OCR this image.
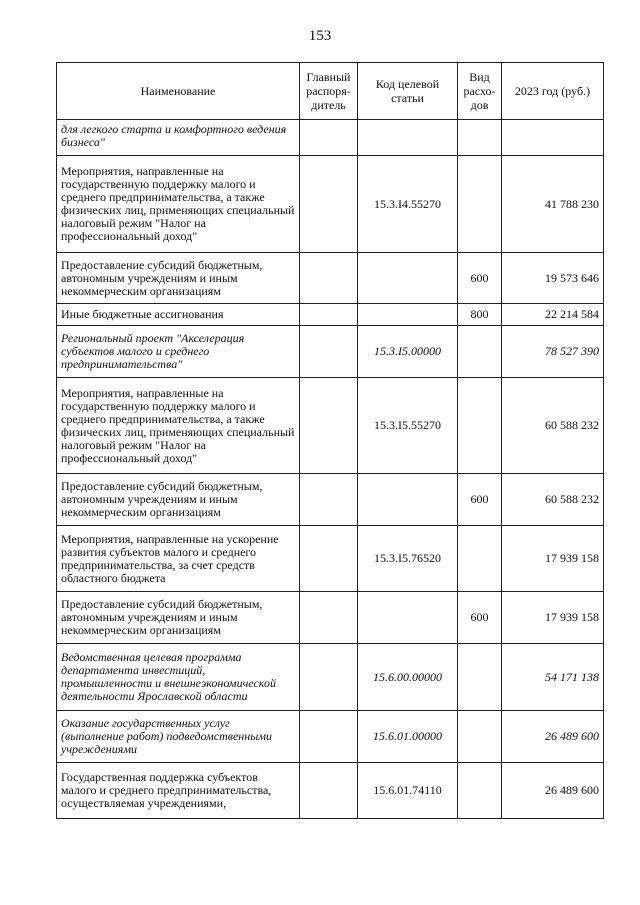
153
Наименование	Главный распоря-дитель	Код целевой статьи	Вид расхо-дов	2023 год (руб.)
для легкого старта и комфортного ведения бизнеса"				
Мероприятия, направленные на государственную поддержку малого и среднего предпринимательства, а также физических лиц, применяющих специальный налоговый режим "Налог на профессиональный доход"		15.3.I4.55270		41 788 230
Предоставление субсидий бюджетным, автономным учреждениям и иным некоммерческим организациям			600	19 573 646
Иные бюджетные ассигнования			800	22 214 584
Региональный проект "Акселерация субъектов малого и среднего предпринимательства"		15.3.I5.00000		78 527 390
Мероприятия, направленные на государственную поддержку малого и среднего предпринимательства, а также физических лиц, применяющих специальный налоговый режим "Налог на профессиональный доход"		15.3.I5.55270		60 588 232
Предоставление субсидий бюджетным, автономным учреждениям и иным некоммерческим организациям			600	60 588 232
Мероприятия, направленные на ускорение развития субъектов малого и среднего предпринимательства, за счет средств областного бюджета		15.3.I5.76520		17 939 158
Предоставление субсидий бюджетным, автономным учреждениям и иным некоммерческим организациям			600	17 939 158
Ведомственная целевая программа департамента инвестиций, промышленности и внешнеэкономической деятельности Ярославской области		15.6.00.00000		54 171 138
Оказание государственных услуг (выполнение работ) подведомственными учреждениями		15.6.01.00000		26 489 600
Государственная поддержка субъектов малого и среднего предпринимательства, осуществляемая учреждениями,		15.6.01.74110		26 489 600
